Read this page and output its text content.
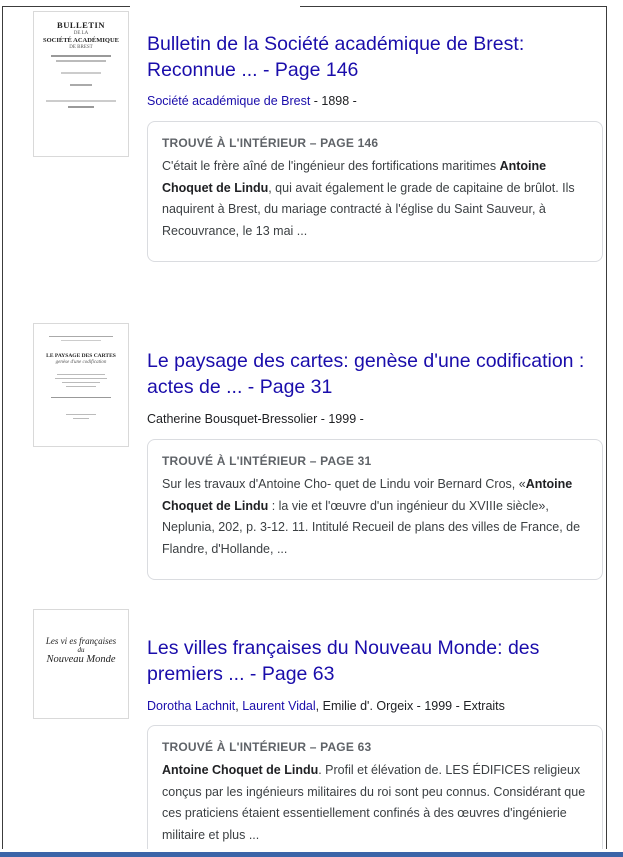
BULLETIN
DE LA
SOCIÉTÉ ACADÉMIQUE
DE BREST	Bulletin de la Société académique de Brest: Reconnue ... - Page 146
Société académique de Brest - 1898 -
TROUVÉ À L'INTÉRIEUR – PAGE 146
C'était le frère aîné de l'ingénieur des fortifications maritimes Antoine Choquet de Lindu, qui avait également le grade de capitaine de brûlot. Ils naquirent à Brest, du mariage contracté à l'église du Saint Sauveur, à Recouvrance, le 13 mai ...
LE PAYSAGE DES CARTES
genèse d'une codification	Le paysage des cartes: genèse d'une codification : actes de ... - Page 31
Catherine Bousquet-Bressolier - 1999 -
TROUVÉ À L'INTÉRIEUR – PAGE 31
Sur les travaux d'Antoine Cho- quet de Lindu voir Bernard Cros, «Antoine Choquet de Lindu : la vie et l'œuvre d'un ingénieur du XVIIIe siècle», Neplunia, 202, p. 3-12. 11. Intitulé Recueil de plans des villes de France, de Flandre, d'Hollande, ...
Les vi es françaises
du
Nouveau Monde
Les villes françaises du Nouveau Monde: des premiers ... - Page 63
Dorotha Lachnit, Laurent Vidal, Emilie d'. Orgeix - 1999 - Extraits
TROUVÉ À L'INTÉRIEUR – PAGE 63
Antoine Choquet de Lindu. Profil et élévation de. LES ÉDIFICES religieux conçus par les ingénieurs militaires du roi sont peu connus. Considérant que ces praticiens étaient essentiellement confinés à des œuvres d'ingénierie militaire et plus ...
